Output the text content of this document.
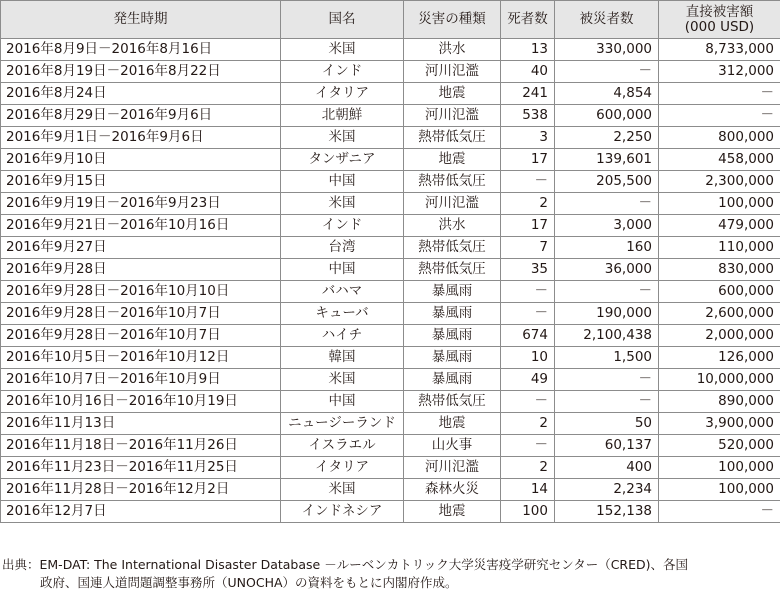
発生時期	国名	災害の種類	死者数	被災者数	直接被害額
(000 USD)
2016年8月9日－2016年8月16日	米国	洪水	13	330,000	8,733,000
2016年8月19日－2016年8月22日	インド	河川氾濫	40	－	312,000
2016年8月24日	イタリア	地震	241	4,854	－
2016年8月29日－2016年9月6日	北朝鮮	河川氾濫	538	600,000	－
2016年9月1日－2016年9月6日	米国	熱帯低気圧	3	2,250	800,000
2016年9月10日	タンザニア	地震	17	139,601	458,000
2016年9月15日	中国	熱帯低気圧	－	205,500	2,300,000
2016年9月19日－2016年9月23日	米国	河川氾濫	2	－	100,000
2016年9月21日－2016年10月16日	インド	洪水	17	3,000	479,000
2016年9月27日	台湾	熱帯低気圧	7	160	110,000
2016年9月28日	中国	熱帯低気圧	35	36,000	830,000
2016年9月28日－2016年10月10日	バハマ	暴風雨	－	－	600,000
2016年9月28日－2016年10月7日	キューバ	暴風雨	－	190,000	2,600,000
2016年9月28日－2016年10月7日	ハイチ	暴風雨	674	2,100,438	2,000,000
2016年10月5日－2016年10月12日	韓国	暴風雨	10	1,500	126,000
2016年10月7日－2016年10月9日	米国	暴風雨	49	－	10,000,000
2016年10月16日－2016年10月19日	中国	熱帯低気圧	－	－	890,000
2016年11月13日	ニュージーランド	地震	2	50	3,900,000
2016年11月18日－2016年11月26日	イスラエル	山火事	－	60,137	520,000
2016年11月23日－2016年11月25日	イタリア	河川氾濫	2	400	100,000
2016年11月28日－2016年12月2日	米国	森林火災	14	2,234	100,000
2016年12月7日	インドネシア	地震	100	152,138	－
出典：EM-DAT: The International Disaster Database －ルーベンカトリック大学災害疫学研究センター（CRED)、各国
政府、国連人道問題調整事務所（UNOCHA）の資料をもとに内閣府作成。
